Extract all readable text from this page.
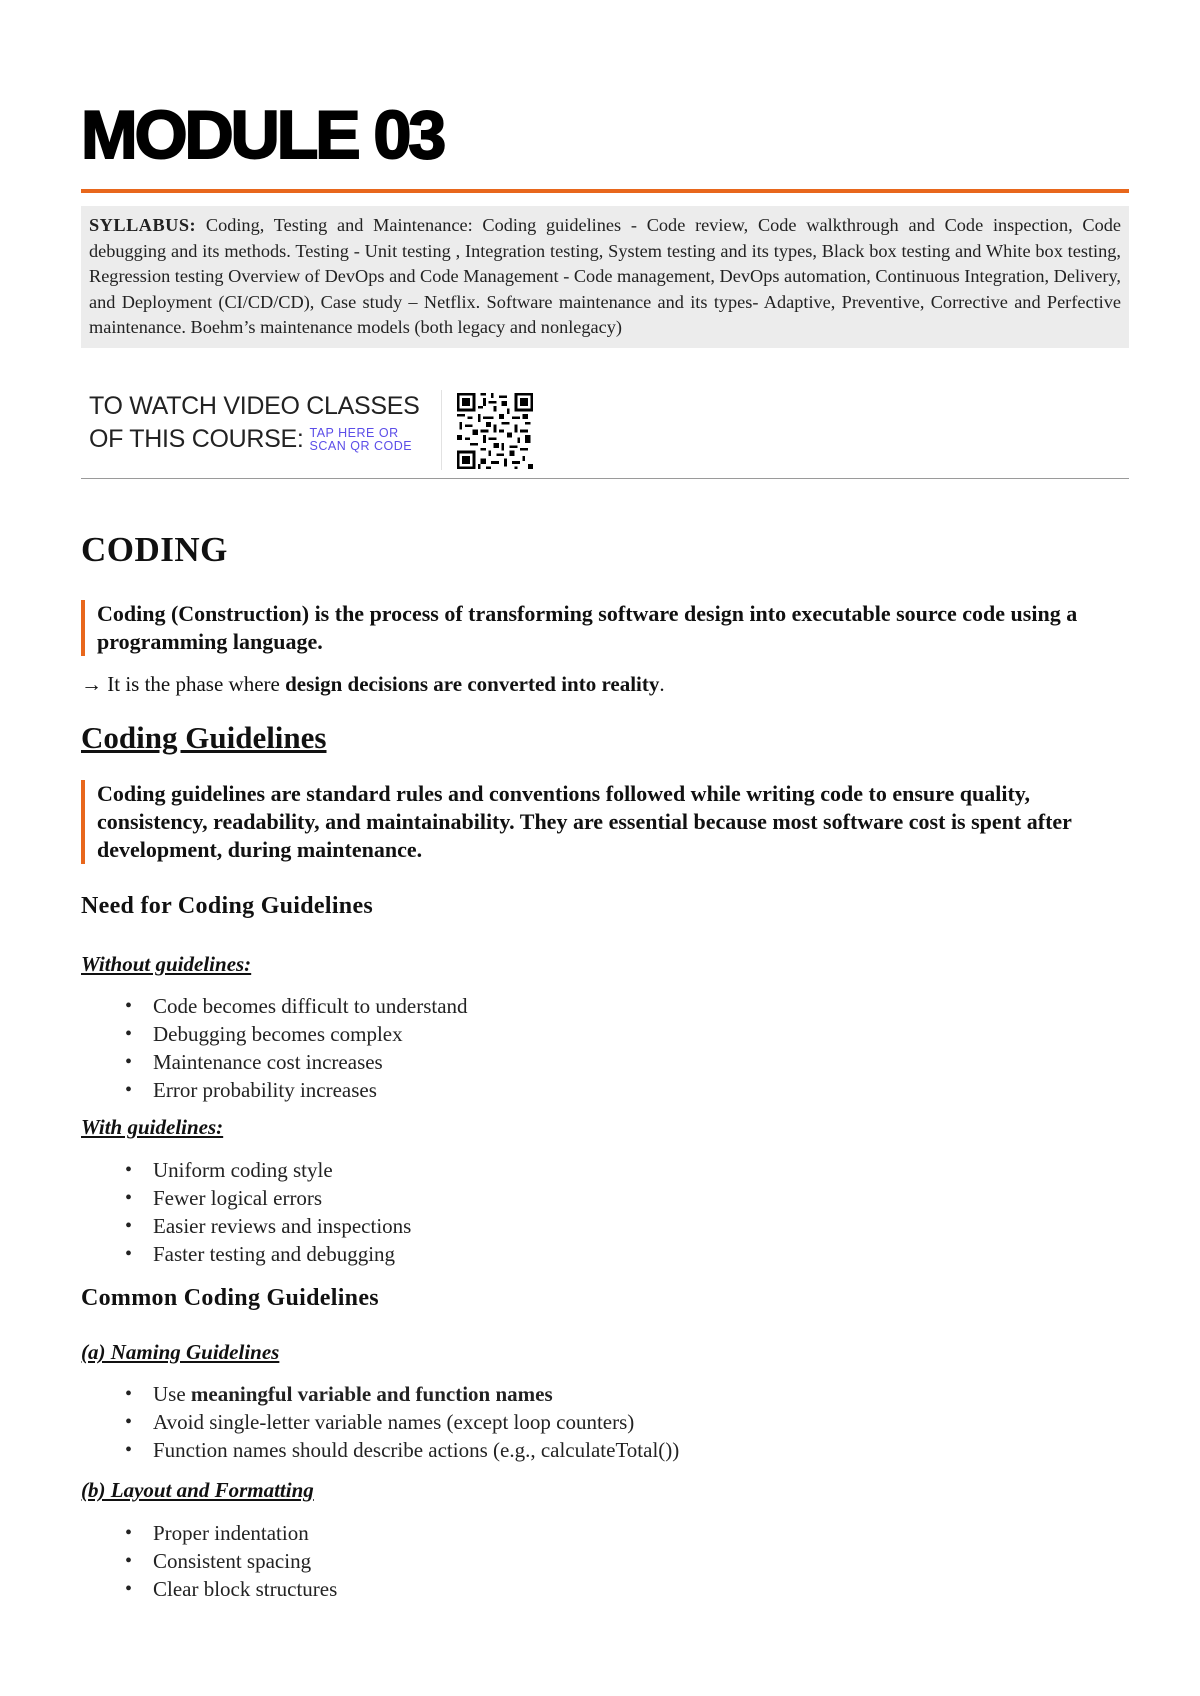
MODULE 03
SYLLABUS: Coding, Testing and Maintenance: Coding guidelines - Code review, Code walkthrough and Code inspection, Code debugging and its methods. Testing - Unit testing , Integration testing, System testing and its types, Black box testing and White box testing, Regression testing Overview of DevOps and Code Management - Code management, DevOps automation, Continuous Integration, Delivery, and Deployment (CI/CD/CD), Case study – Netflix. Software maintenance and its types- Adaptive, Preventive, Corrective and Perfective maintenance. Boehm’s maintenance models (both legacy and nonlegacy)
TO WATCH VIDEO CLASSES
OF THIS COURSE: TAP HERE OR
SCAN QR CODE
CODING
Coding (Construction) is the process of transforming software design into executable source code using a programming language.
→ It is the phase where design decisions are converted into reality.
Coding Guidelines
Coding guidelines are standard rules and conventions followed while writing code to ensure quality, consistency, readability, and maintainability. They are essential because most software cost is spent after development, during maintenance.
Need for Coding Guidelines

Without guidelines:

• Code becomes difficult to understand
• Debugging becomes complex
• Maintenance cost increases
• Error probability increases

With guidelines:

• Uniform coding style
• Fewer logical errors
• Easier reviews and inspections
• Faster testing and debugging
Common Coding Guidelines

(a) Naming Guidelines

• Use meaningful variable and function names
• Avoid single-letter variable names (except loop counters)
• Function names should describe actions (e.g., calculateTotal())

(b) Layout and Formatting

• Proper indentation
• Consistent spacing
• Clear block structures
